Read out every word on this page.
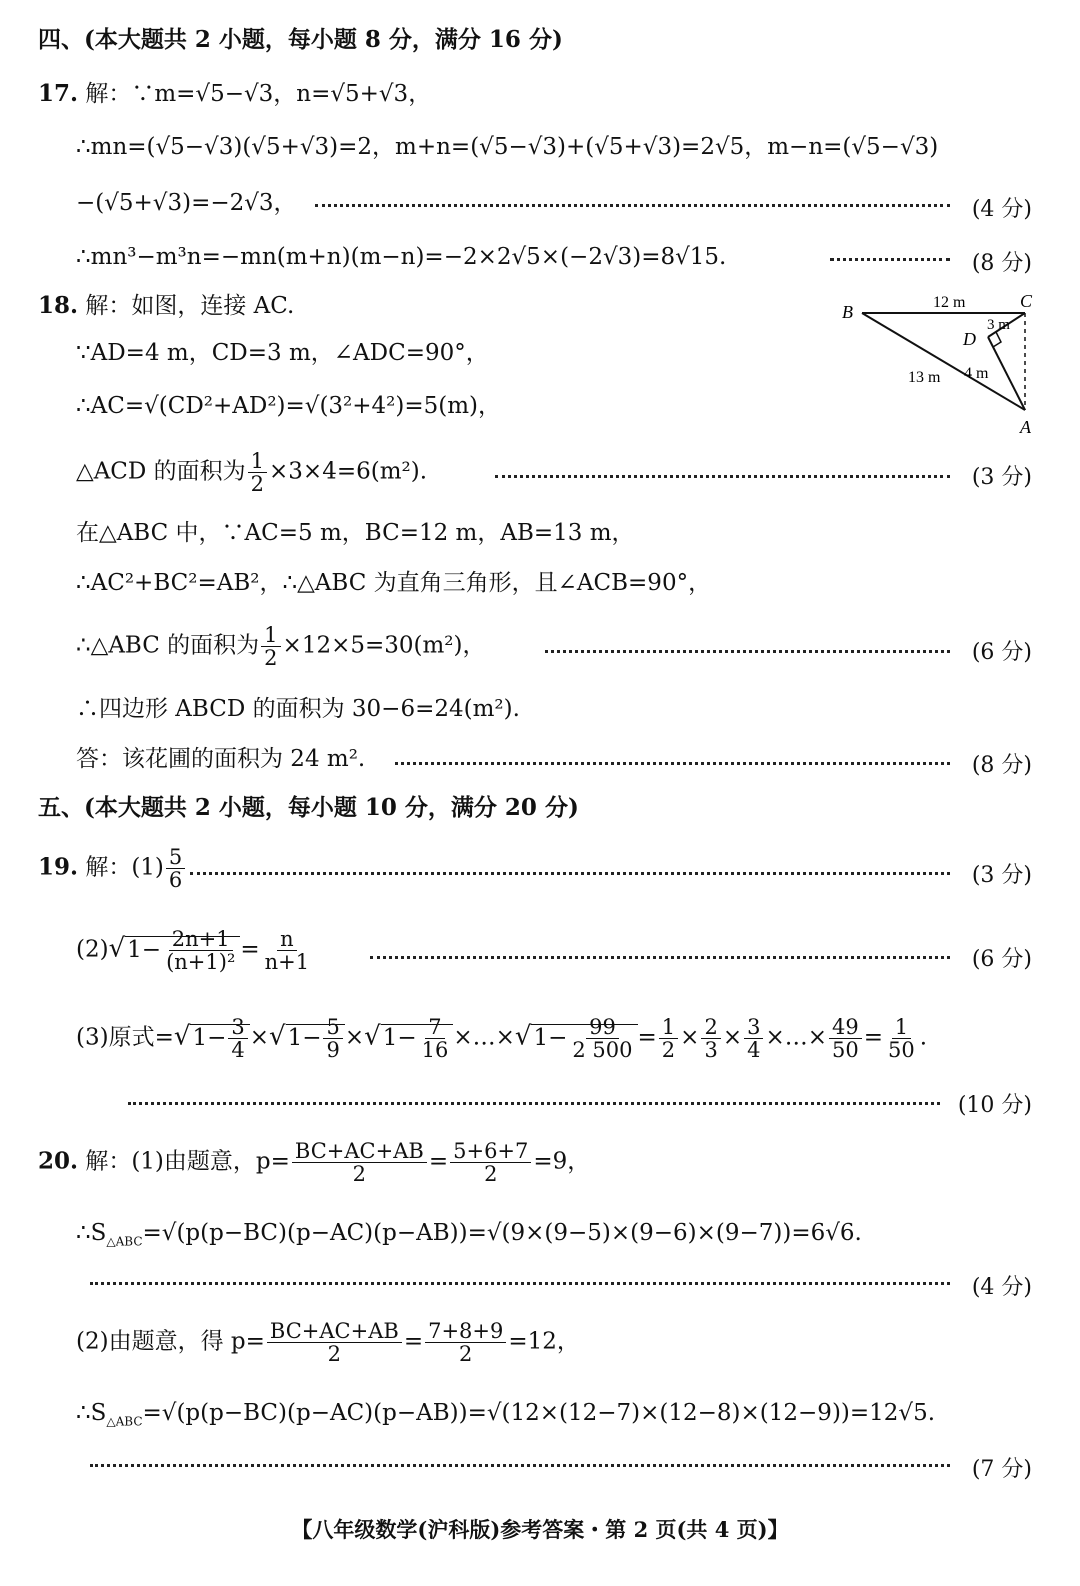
四、(本大题共 2 小题，每小题 8 分，满分 16 分)
17. 解：∵m=√5−√3，n=√5+√3，
∴mn=(√5−√3)(√5+√3)=2，m+n=(√5−√3)+(√5+√3)=2√5，m−n=(√5−√3)
−(√5+√3)=−2√3，	(4 分)
∴mn³−m³n=−mn(m+n)(m−n)=−2×2√5×(−2√3)=8√15.	(8 分)
18. 解：如图，连接 AC.
∵AD=4 m，CD=3 m，∠ADC=90°，
∴AC=√(CD²+AD²)=√(3²+4²)=5(m)，
△ACD 的面积为 $\frac{1}{2} \times 3\times 4=6(m^2)$.	(3 分)
在△ABC 中，∵AC=5 m，BC=12 m，AB=13 m，
∴AC²+BC²=AB²，∴△ABC 为直角三角形，且∠ACB=90°，
∴△ABC 的面积为 $\frac{1}{2} \times 12\times 5=30(m^2)$，	(6 分)
∴四边形 ABCD 的面积为 30−6=24(m²).
答：该花圃的面积为 24 m².	(8 分)
B
C
D
A
12 m
3 m
4 m
13 m
五、(本大题共 2 小题，每小题 10 分，满分 20 分)
19. 解：$(1) \frac{5}{6}$	(3 分)
$(2)√1- \frac{2n+1}{\text{(n+1)²}} = \frac{n}{n+1}$	(6 分)
(3)原式$=√1- \frac{3}{4} \times√1- \frac{5}{9} \times√1- \frac{7}{16}$ ×…×√1− $\frac{99}{2 500} = \frac{1}{2} \times \frac{2}{3} \times \frac{3}{4}$ ×…× $\frac{49}{50} = \frac{1}{50}$ .
(10 分)
20. 解：(1)由题意，$p= \frac{BC+AC+AB}{2} = \frac{5+6+7}{2} =9$，
$\therefore S_{\triangle ABC}=√(p(p-BC)(p-AC)(p-AB))=√(9\times(9-5)\times(9-6)\times(9-7))=6√6$.
(4 分)
(2)由题意，得 $p= \frac{BC+AC+AB}{2} = \frac{7+8+9}{2} =12$，
$\therefore S_{\triangle ABC}=√(p(p-BC)(p-AC)(p-AB))=√(12\times(12-7)\times(12-8)\times(12-9))=12√5$.
(7 分)
【八年级数学(沪科版)参考答案・第 2 页(共 4 页)】
